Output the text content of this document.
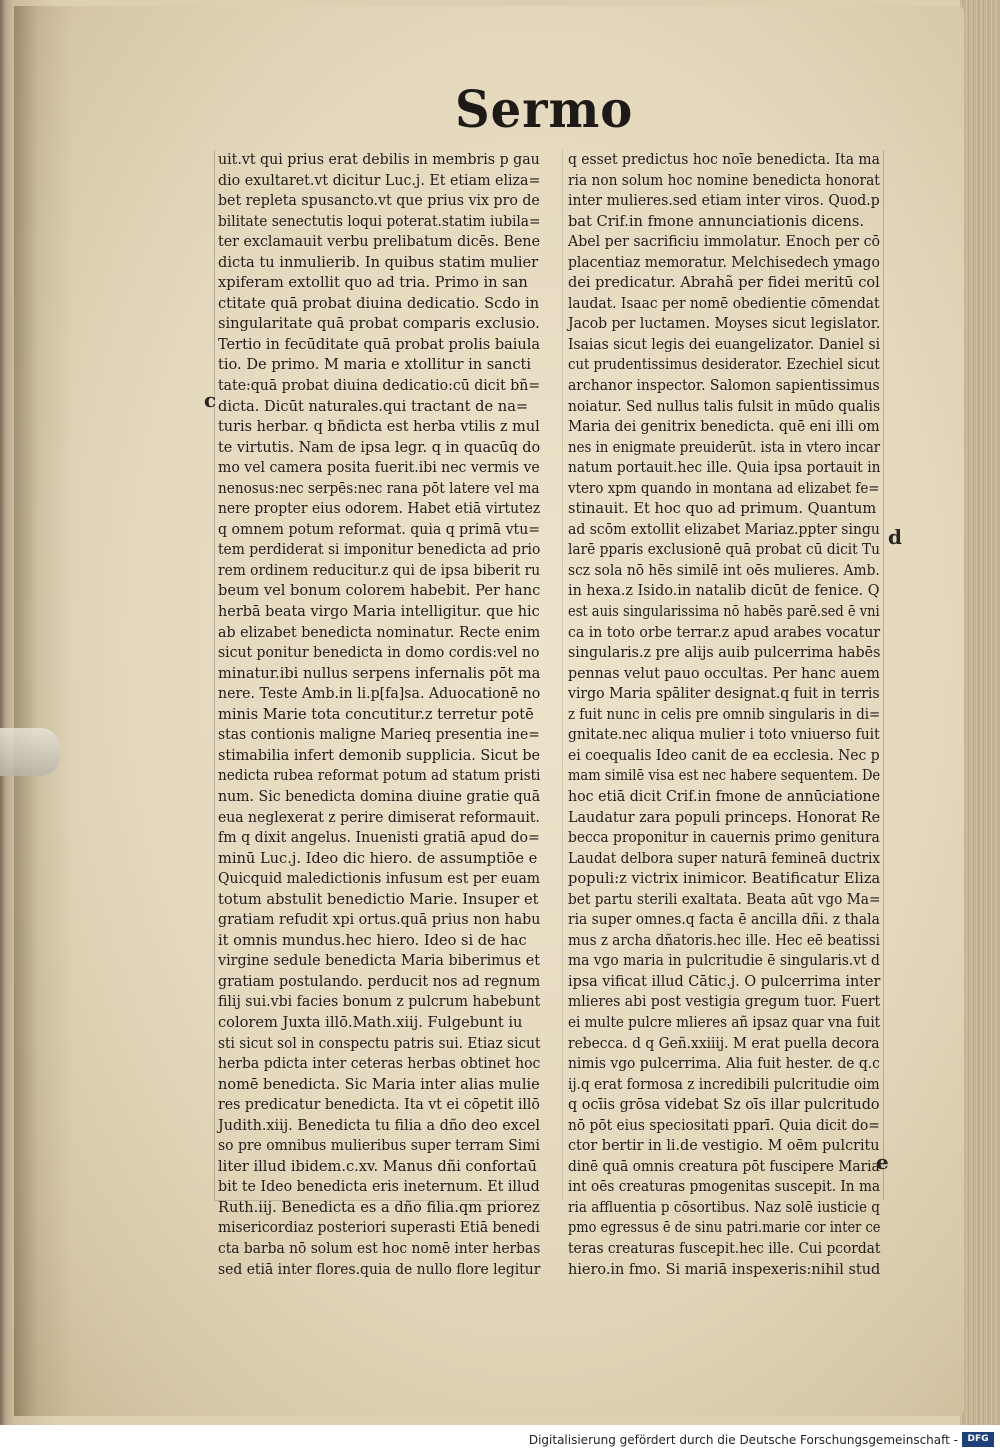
Sermo
uit.vt qui prius erat debilis in membris p gau
dio exultaret.vt dicitur Luc.j. Et etiam eliza=
bet repleta spusancto.vt que prius vix pro de
bilitate senectutis loqui poterat.statim iubila=
ter exclamauit verbu prelibatum dicēs. Bene
dicta tu inmulierib. In quibus statim mulier
xpiferam extollit quo ad tria. Primo in san
ctitate quā probat diuina dedicatio. Scdo in
singularitate quā probat comparis exclusio.
Tertio in fecūditate quā probat prolis baiula
tio. De primo. M maria e xtollitur in sancti
tate:quā probat diuina dedicatio:cū dicit bñ=
dicta. Dicūt naturales.qui tractant de na=
turis herbar. q bñdicta est herba vtilis z mul
te virtutis. Nam de ipsa legr. q in quacūq do
mo vel camera posita fuerit.ibi nec vermis ve
nenosus:nec serpēs:nec rana pōt latere vel ma
nere propter eius odorem. Habet etiā virtutez
q omnem potum reformat. quia q primā vtu=
tem perdiderat si imponitur benedicta ad prio
rem ordinem reducitur.z qui de ipsa biberit ru
beum vel bonum colorem habebit. Per hanc
herbā beata virgo Maria intelligitur. que hic
ab elizabet benedicta nominatur. Recte enim
sicut ponitur benedicta in domo cordis:vel no
minatur.ibi nullus serpens infernalis pōt ma
nere. Teste Amb.in li.p[fa]sa. Aduocationē no
minis Marie tota concutitur.z terretur potē
stas contionis maligne Marieq presentia ine=
stimabilia infert demonib supplicia. Sicut be
nedicta rubea reformat potum ad statum pristi
num. Sic benedicta domina diuine gratie quā
eua neglexerat z perire dimiserat reformauit.
fm q dixit angelus. Inuenisti gratiā apud do=
minū Luc.j. Ideo dic hiero. de assumptiōe e
Quicquid maledictionis infusum est per euam
totum abstulit benedictio Marie. Insuper et
gratiam refudit xpi ortus.quā prius non habu
it omnis mundus.hec hiero. Ideo si de hac
virgine sedule benedicta Maria biberimus et
gratiam postulando. perducit nos ad regnum
filij sui.vbi facies bonum z pulcrum habebunt
colorem Juxta illō.Math.xiij. Fulgebunt iu
sti sicut sol in conspectu patris sui. Etiaz sicut
herba pdicta inter ceteras herbas obtinet hoc
nomē benedicta. Sic Maria inter alias mulie
res predicatur benedicta. Ita vt ei cōpetit illō
Judith.xiij. Benedicta tu filia a dño deo excel
so pre omnibus mulieribus super terram Simi
liter illud ibidem.c.xv. Manus dñi confortaū
bit te Ideo benedicta eris ineternum. Et illud
Ruth.iij. Benedicta es a dño filia.qm priorez
misericordiaz posteriori superasti Etiā benedi
cta barba nō solum est hoc nomē inter herbas
sed etiā inter flores.quia de nullo flore legitur
q esset predictus hoc noīe benedicta. Ita ma
ria non solum hoc nomine benedicta honorat
inter mulieres.sed etiam inter viros. Quod.p
bat Crif.in fmone annunciationis dicens.
Abel per sacrificiu immolatur. Enoch per cō
placentiaz memoratur. Melchisedech ymago
dei predicatur. Abrahã per fidei meritū col
laudat. Isaac per nomē obedientie cōmendat
Jacob per luctamen. Moyses sicut legislator.
Isaias sicut legis dei euangelizator. Daniel si
cut prudentissimus desiderator. Ezechiel sicut
archanor inspector. Salomon sapientissimus
noiatur. Sed nullus talis fulsit in mūdo qualis
Maria dei genitrix benedicta. quē eni illi om
nes in enigmate preuiderūt. ista in vtero incar
natum portauit.hec ille. Quia ipsa portauit in
vtero xpm quando in montana ad elizabet fe=
stinauit. Et hoc quo ad primum. Quantum
ad scōm extollit elizabet Mariaz.ppter singu
larē pparis exclusionē quā probat cū dicit Tu
scz sola nō hēs similē int oēs mulieres. Amb.
in hexa.z Isido.in natalib dicūt de fenice. Q
est auis singularissima nō habēs parē.sed ē vni
ca in toto orbe terrar.z apud arabes vocatur
singularis.z pre alijs auib pulcerrima habēs
pennas velut pauo occultas. Per hanc auem
virgo Maria spāliter designat.q fuit in terris
z fuit nunc in celis pre omnib singularis in di=
gnitate.nec aliqua mulier i toto vniuerso fuit
ei coequalis Ideo canit de ea ecclesia. Nec p
mam similē visa est nec habere sequentem. De
hoc etiā dicit Crif.in fmone de annūciatione
Laudatur zara populi princeps. Honorat Re
becca proponitur in cauernis primo genitura
Laudat delbora super naturā femineā ductrix
populi:z victrix inimicor. Beatificatur Eliza
bet partu sterili exaltata. Beata aūt vgo Ma=
ria super omnes.q facta ē ancilla dñi. z thala
mus z archa dñatoris.hec ille. Hec eē beatissi
ma vgo maria in pulcritudie ē singularis.vt d
ipsa vificat illud Cātic.j. O pulcerrima inter
mlieres abi post vestigia gregum tuor. Fuert
ei multe pulcre mlieres añ ipsaz quar vna fuit
rebecca. d q Geñ.xxiiij. M erat puella decora
nimis vgo pulcerrima. Alia fuit hester. de q.c
ij.q erat formosa z incredibili pulcritudie oim
q ocīis grōsa videbat Sz oīs illar pulcritudo
nō pōt eius speciositati pparī. Quia dicit do=
ctor bertir in li.de vestigio. M oēm pulcritu
dinē quā omnis creatura pōt fuscipere Maria
int oēs creaturas pmogenitas suscepit. In ma
ria affluentia p cōsortibus. Naz solē iusticie q
pmo egressus ē de sinu patri.marie cor inter ce
teras creaturas fuscepit.hec ille. Cui pcordat
hiero.in fmo. Si mariā inspexeris:nihil stud
c
d
e
Digitalisierung gefördert durch die Deutsche Forschungsgemeinschaft -	DFG
